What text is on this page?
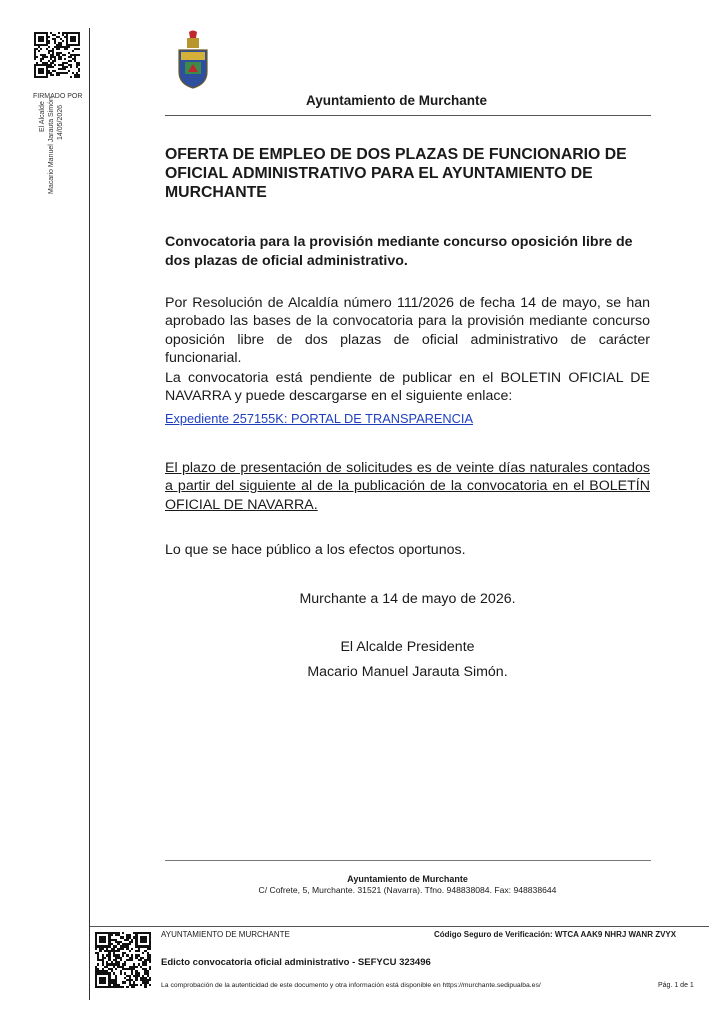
FIRMADO POR
El Alcalde Macario Manuel Jarauta Simón 14/05/2026
Ayuntamiento de Murchante
OFERTA DE EMPLEO DE DOS PLAZAS DE FUNCIONARIO DE OFICIAL ADMINISTRATIVO PARA EL AYUNTAMIENTO DE MURCHANTE
Convocatoria para la provisión mediante concurso oposición libre de dos plazas de oficial administrativo.
Por Resolución de Alcaldía número 111/2026 de fecha 14 de mayo, se han aprobado las bases de la convocatoria para la provisión mediante concurso oposición libre de dos plazas de oficial administrativo de carácter funcionarial.
La convocatoria está pendiente de publicar en el BOLETIN OFICIAL DE NAVARRA y puede descargarse en el siguiente enlace:
Expediente 257155K: PORTAL DE TRANSPARENCIA
El plazo de presentación de solicitudes es de veinte días naturales contados a partir del siguiente al de la publicación de la convocatoria en el BOLETÍN OFICIAL DE NAVARRA.
Lo que se hace público a los efectos oportunos.
Murchante a 14 de mayo de 2026.
El Alcalde Presidente
Macario Manuel Jarauta Simón.
Ayuntamiento de Murchante
C/ Cofrete, 5, Murchante. 31521 (Navarra). Tfno. 948838084. Fax: 948838644
AYUNTAMIENTO DE MURCHANTE	Código Seguro de Verificación: WTCA AAK9 NHRJ WANR ZVYX
Edicto convocatoria oficial administrativo - SEFYCU 323496
La comprobación de la autenticidad de este documento y otra información está disponible en https://murchante.sedipualba.es/	Pág. 1 de 1
